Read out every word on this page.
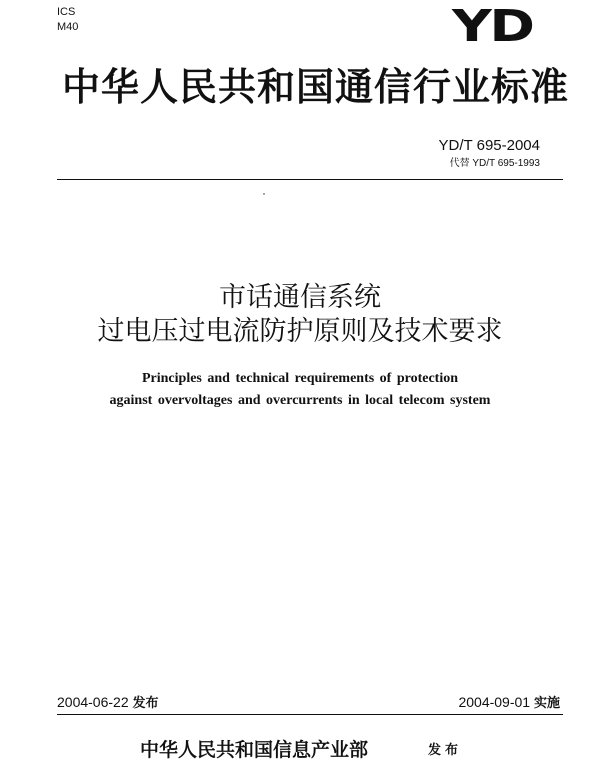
ICS
M40	YD
中华人民共和国通信行业标准
YD/T 695-2004
代替 YD/T 695-1993
市话通信系统
过电压过电流防护原则及技术要求
Principles and technical requirements of protection
against overvoltages and overcurrents in local telecom system
2004-06-22 发布	2004-09-01 实施
中华人民共和国信息产业部	发布
